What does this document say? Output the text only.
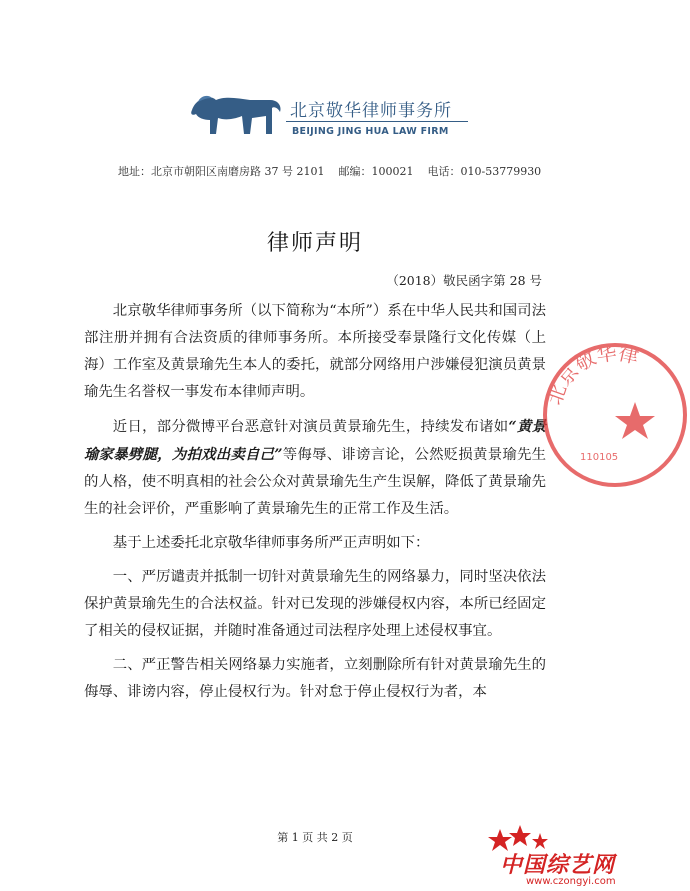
北京敬华律师事务所
BEIJING JING HUA LAW FIRM
地址：北京市朝阳区南磨房路 37 号 2101 邮编：100021 电话：010-53779930
律师声明
（2018）敬民函字第 28 号

北京敬华律师事务所（以下简称为“本所”）系在中华人民共和国司法部注册并拥有合法资质的律师事务所。本所接受奉景隆行文化传媒（上海）工作室及黄景瑜先生本人的委托，就部分网络用户涉嫌侵犯演员黄景瑜先生名誉权一事发布本律师声明。

近日，部分微博平台恶意针对演员黄景瑜先生，持续发布诸如“黄景瑜家暴劈腿，为拍戏出卖自己”等侮辱、诽谤言论，公然贬损黄景瑜先生的人格，使不明真相的社会公众对黄景瑜先生产生误解，降低了黄景瑜先生的社会评价，严重影响了黄景瑜先生的正常工作及生活。

基于上述委托北京敬华律师事务所严正声明如下：

一、严厉谴责并抵制一切针对黄景瑜先生的网络暴力，同时坚决依法保护黄景瑜先生的合法权益。针对已发现的涉嫌侵权内容，本所已经固定了相关的侵权证据，并随时准备通过司法程序处理上述侵权事宜。

二、严正警告相关网络暴力实施者，立刻删除所有针对黄景瑜先生的侮辱、诽谤内容，停止侵权行为。针对怠于停止侵权行为者，本

北京敬华律
110105
第 1 页 共 2 页
中国综艺网
www.czongyi.com
